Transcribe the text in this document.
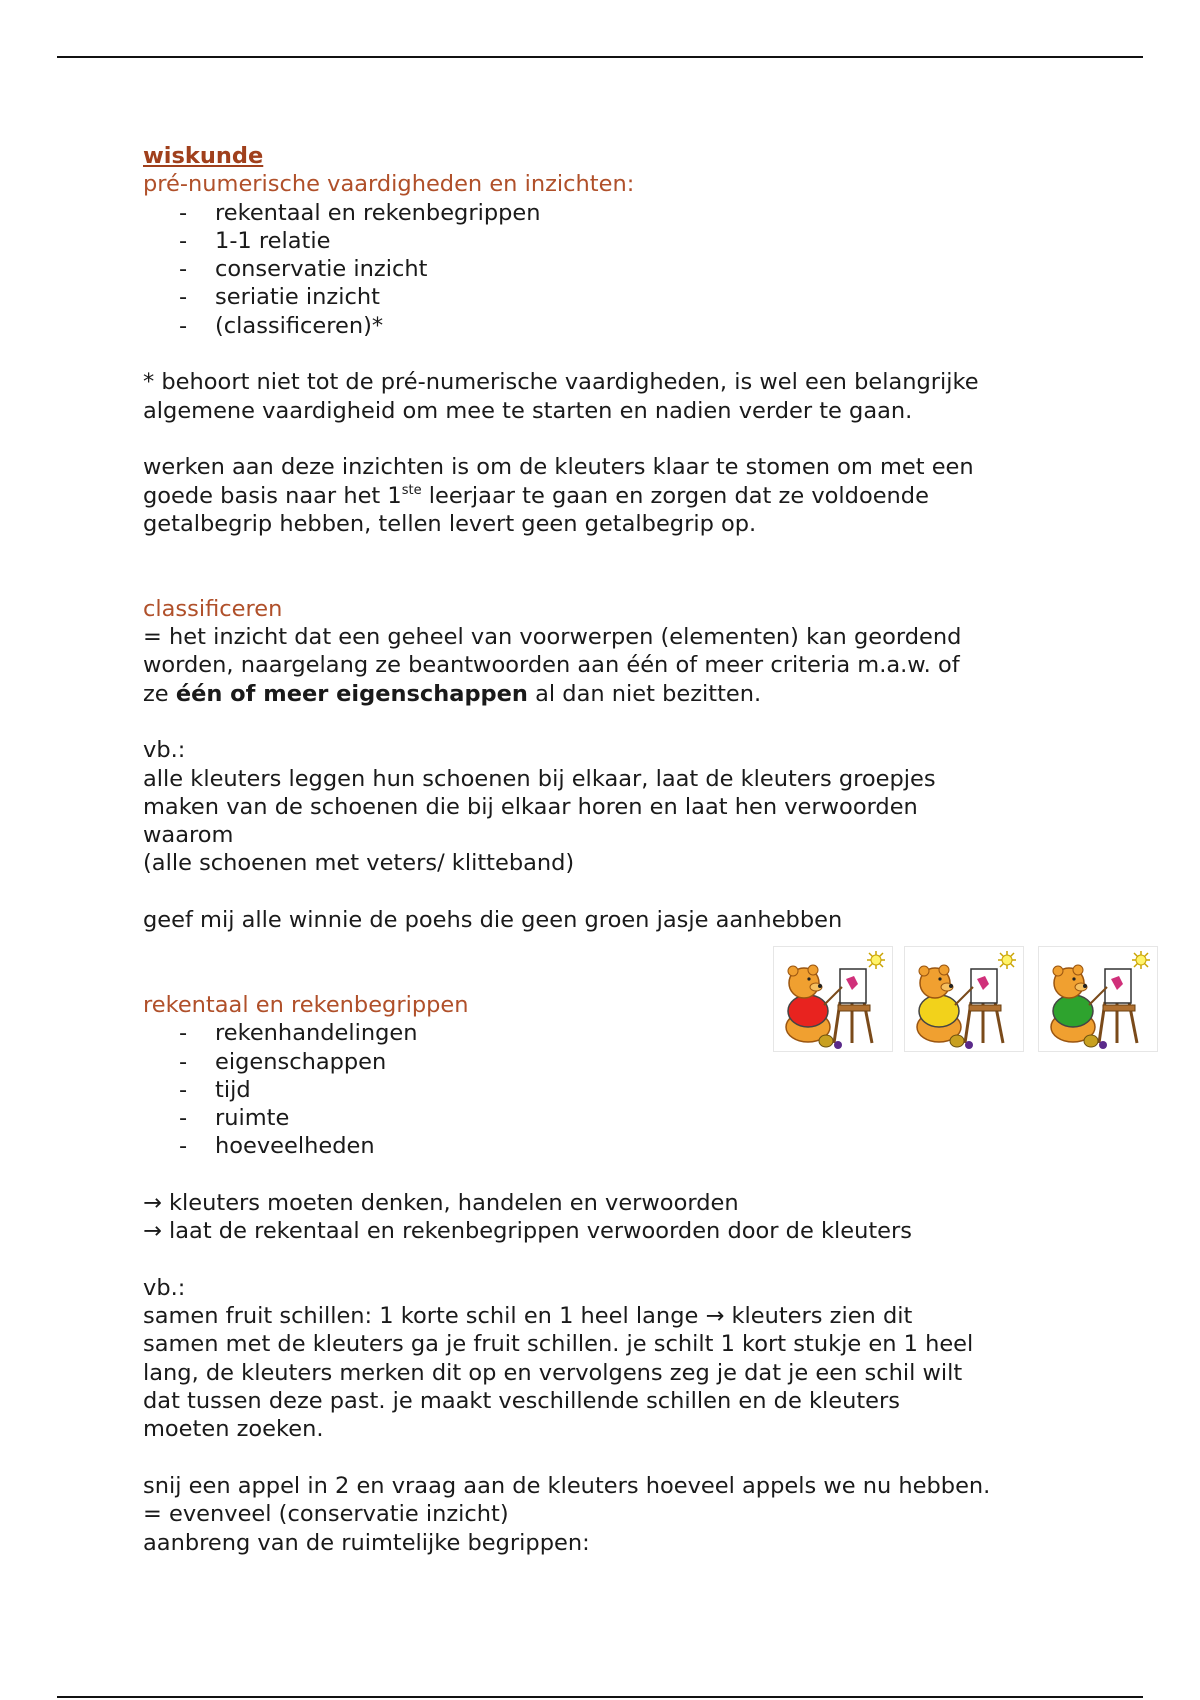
wiskunde
pré-numerische vaardigheden en inzichten:
- rekentaal en rekenbegrippen
- 1-1 relatie
- conservatie inzicht
- seriatie inzicht
- (classificeren)*

* behoort niet tot de pré-numerische vaardigheden, is wel een belangrijke

algemene vaardigheid om mee te starten en nadien verder te gaan.

werken aan deze inzichten is om de kleuters klaar te stomen om met een

goede basis naar het 1ste leerjaar te gaan en zorgen dat ze voldoende

getalbegrip hebben, tellen levert geen getalbegrip op.

classificeren

= het inzicht dat een geheel van voorwerpen (elementen) kan geordend

worden, naargelang ze beantwoorden aan één of meer criteria m.a.w. of

ze één of meer eigenschappen al dan niet bezitten.

vb.:

alle kleuters leggen hun schoenen bij elkaar, laat de kleuters groepjes

maken van de schoenen die bij elkaar horen en laat hen verwoorden

waarom

(alle schoenen met veters/ klitteband)

geef mij alle winnie de poehs die geen groen jasje aanhebben

rekentaal en rekenbegrippen
- rekenhandelingen
- eigenschappen
- tijd
- ruimte
- hoeveelheden

→ kleuters moeten denken, handelen en verwoorden

→ laat de rekentaal en rekenbegrippen verwoorden door de kleuters

vb.:

samen fruit schillen: 1 korte schil en 1 heel lange → kleuters zien dit

samen met de kleuters ga je fruit schillen. je schilt 1 kort stukje en 1 heel

lang, de kleuters merken dit op en vervolgens zeg je dat je een schil wilt

dat tussen deze past. je maakt veschillende schillen en de kleuters

moeten zoeken.

snij een appel in 2 en vraag aan de kleuters hoeveel appels we nu hebben.

= evenveel (conservatie inzicht)

aanbreng van de ruimtelijke begrippen:
